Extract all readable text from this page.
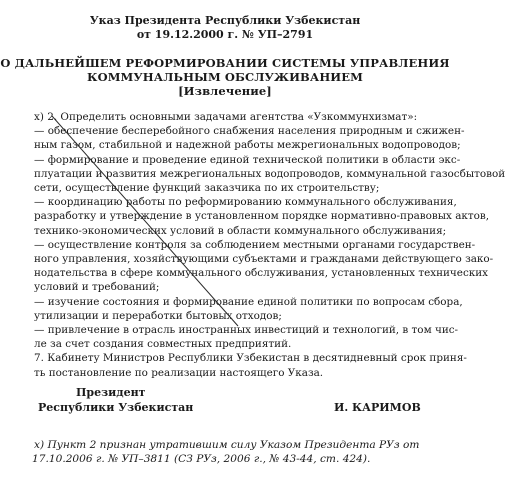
Указ Президента Республики Узбекистан
от 19.12.2000 г. № УП–2791
О ДАЛЬНЕЙШЕМ РЕФОРМИРОВАНИИ СИСТЕМЫ УПРАВЛЕНИЯ
КОММУНАЛЬНЫМ ОБСЛУЖИВАНИЕМ
[Извлечение]

x) 2. Определить основными задачами агентства «Узкоммунхизмат»:

— обеспечение бесперебойного снабжения населения природным и сжижен-

ным газом, стабильной и надежной работы межрегиональных водопроводов;

— формирование и проведение единой технической политики в области экс-

плуатации и развития межрегиональных водопроводов, коммунальной газосбытовой

сети, осуществление функций заказчика по их строительству;

— координацию работы по реформированию коммунального обслуживания,

разработку и утверждение в установленном порядке нормативно-правовых актов,

технико-экономических условий в области коммунального обслуживания;

— осуществление контроля за соблюдением местными органами государствен-

ного управления, хозяйствующими субъектами и гражданами действующего зако-

нодательства в сфере коммунального обслуживания, установленных технических

условий и требований;

— изучение состояния и формирование единой политики по вопросам сбора,

утилизации и переработки бытовых отходов;

— привлечение в отрасль иностранных инвестиций и технологий, в том чис-

ле за счет создания совместных предприятий.

7. Кабинету Министров Республики Узбекистан в десятидневный срок приня-

ть постановление по реализации настоящего Указа.

Президент
Республики Узбекистан	И. КАРИМОВ

x) Пункт 2 признан утратившим силу Указом Президента РУз от

17.10.2006 г. № УП–3811 (СЗ РУз, 2006 г., № 43-44, ст. 424).
